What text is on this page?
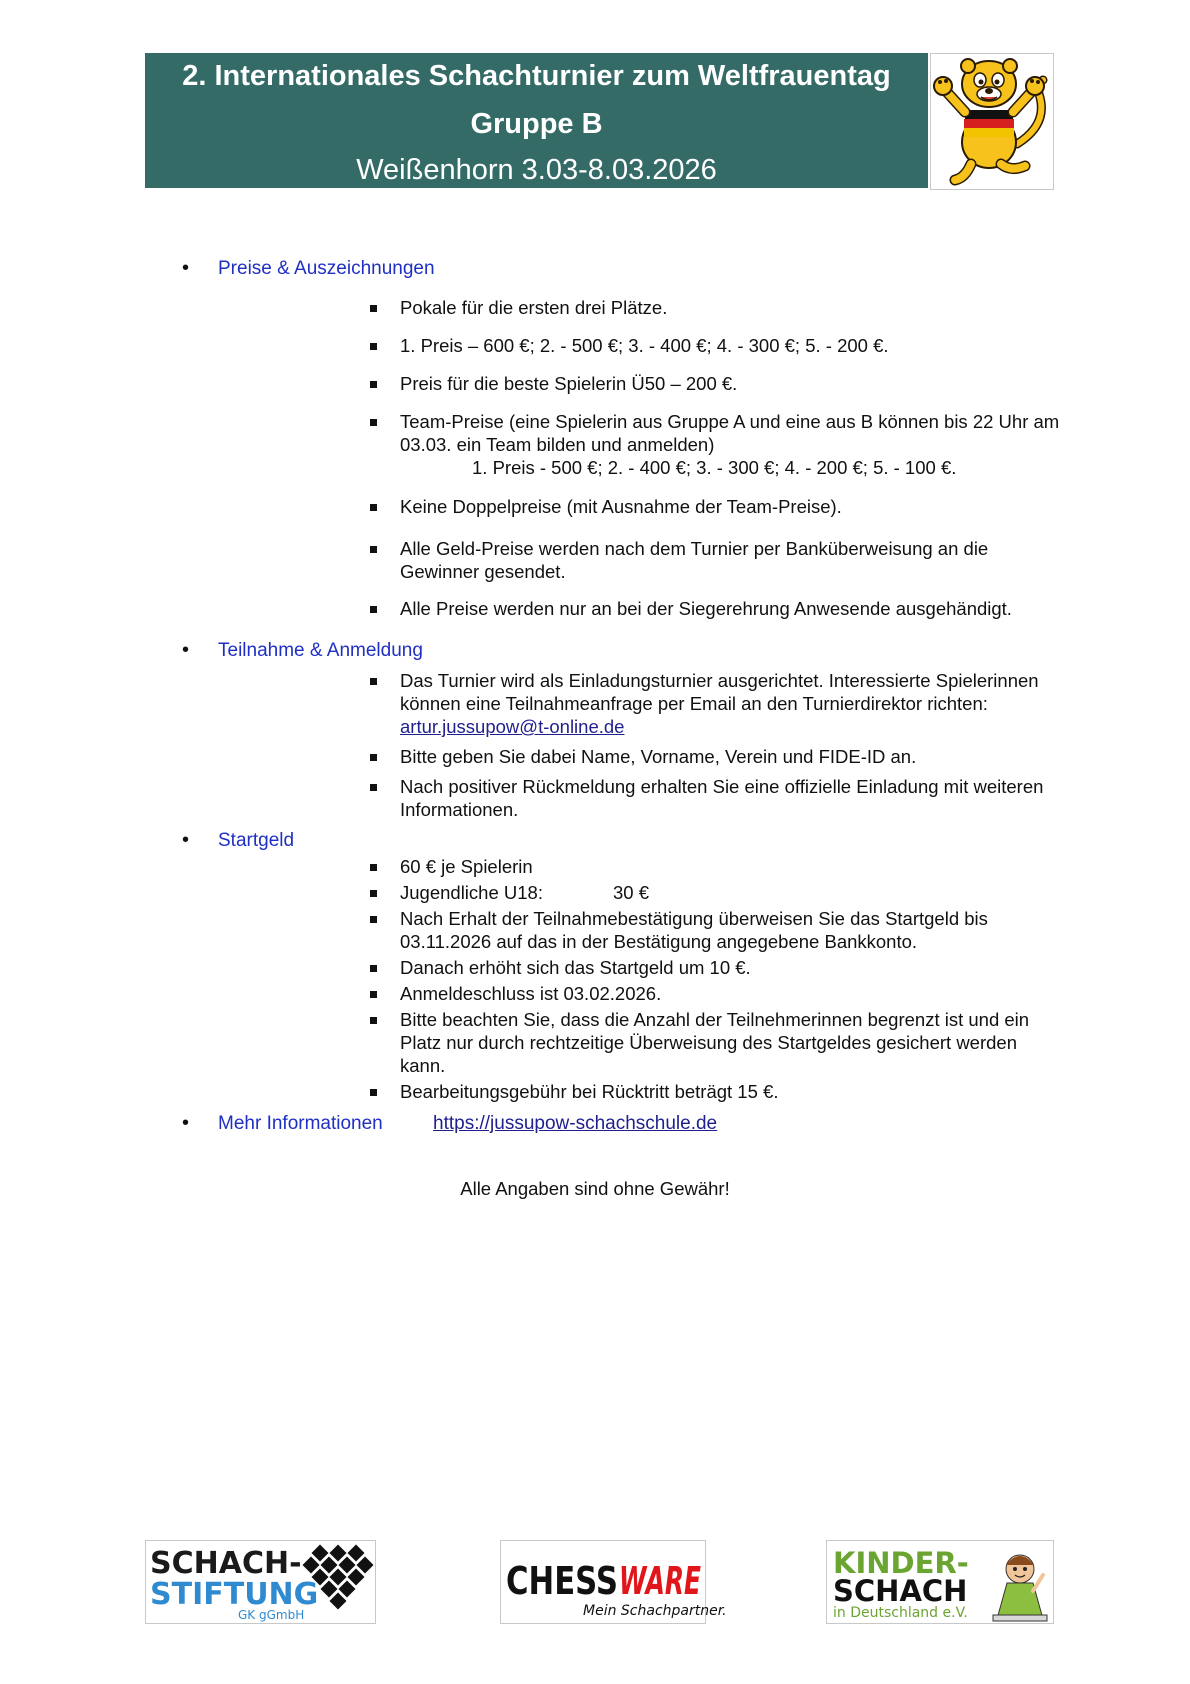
2. Internationales Schachturnier zum Weltfrauentag
Gruppe B
Weißenhorn 3.03-8.03.2026
• Preise & Auszeichnungen
Pokale für die ersten drei Plätze.
1. Preis – 600 €; 2. - 500 €; 3. - 400 €; 4. - 300 €; 5. - 200 €.
Preis für die beste Spielerin Ü50 – 200 €.
Team-Preise (eine Spielerin aus Gruppe A und eine aus B können bis 22 Uhr am 03.03. ein Team bilden und anmelden)
1. Preis - 500 €; 2. - 400 €; 3. - 300 €; 4. - 200 €; 5. - 100 €.
Keine Doppelpreise (mit Ausnahme der Team-Preise).
Alle Geld-Preise werden nach dem Turnier per Banküberweisung an die Gewinner gesendet.
Alle Preise werden nur an bei der Siegerehrung Anwesende ausgehändigt.
• Teilnahme & Anmeldung
Das Turnier wird als Einladungsturnier ausgerichtet. Interessierte Spielerinnen können eine Teilnahmeanfrage per Email an den Turnierdirektor richten: artur.jussupow@t-online.de
Bitte geben Sie dabei Name, Vorname, Verein und FIDE-ID an.
Nach positiver Rückmeldung erhalten Sie eine offizielle Einladung mit weiteren Informationen.
• Startgeld
60 € je Spielerin
Jugendliche U18:	30 €
Nach Erhalt der Teilnahmebestätigung überweisen Sie das Startgeld bis 03.11.2026 auf das in der Bestätigung angegebene Bankkonto.
Danach erhöht sich das Startgeld um 10 €.
Anmeldeschluss ist 03.02.2026.
Bitte beachten Sie, dass die Anzahl der Teilnehmerinnen begrenzt ist und ein Platz nur durch rechtzeitige Überweisung des Startgeldes gesichert werden kann.
Bearbeitungsgebühr bei Rücktritt beträgt 15 €.
• Mehr Informationen	https://jussupow-schachschule.de
Alle Angaben sind ohne Gewähr!
SCHACH-
STIFTUNG
GK gGmbH
CHESS WARE
Mein Schachpartner.
KINDER-
SCHACH
in Deutschland e.V.
